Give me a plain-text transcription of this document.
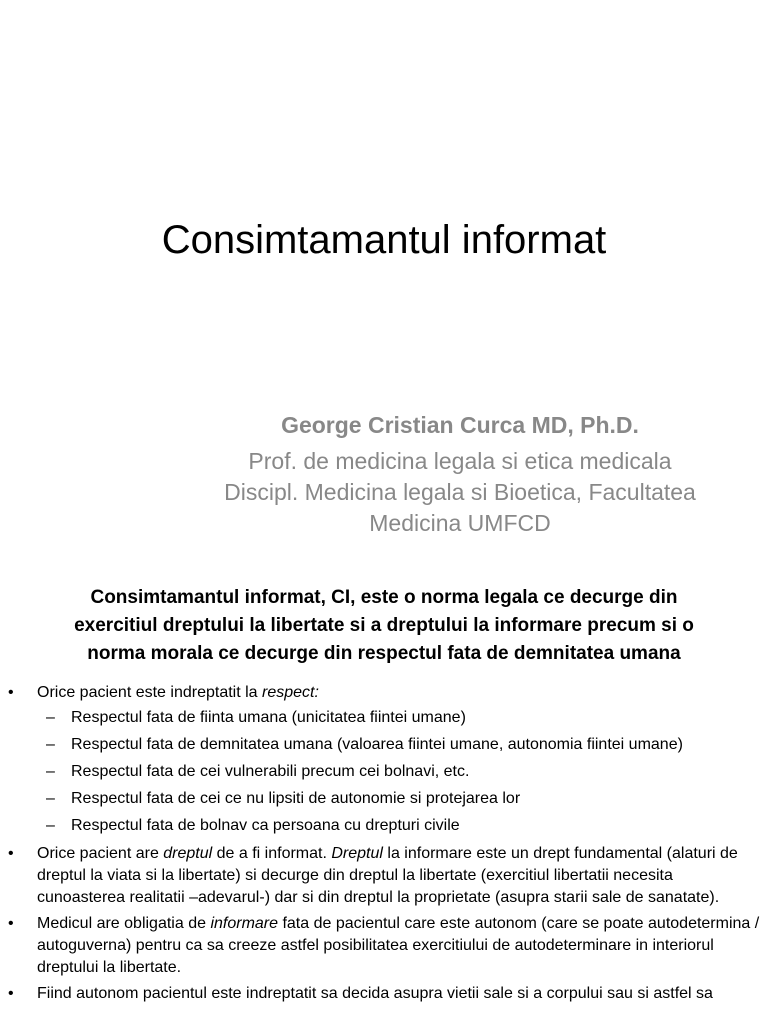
Consimtamantul informat
George Cristian Curca MD, Ph.D.
Prof. de medicina legala si etica medicala
Discipl. Medicina legala si Bioetica, Facultatea
Medicina UMFCD
Consimtamantul informat, CI, este o norma legala ce decurge din
exercitiul dreptului la libertate si a dreptului la informare precum si o
norma morala ce decurge din respectul fata de demnitatea umana
• Orice pacient este indreptatit la respect:
– Respectul fata de fiinta umana (unicitatea fiintei umane)
– Respectul fata de demnitatea umana (valoarea fiintei umane, autonomia fiintei umane)
– Respectul fata de cei vulnerabili precum cei bolnavi, etc.
– Respectul fata de cei ce nu lipsiti de autonomie si protejarea lor
– Respectul fata de bolnav ca persoana cu drepturi civile
• Orice pacient are dreptul de a fi informat. Dreptul la informare este un drept fundamental (alaturi de dreptul la viata si la libertate) si decurge din dreptul la libertate (exercitiul libertatii necesita cunoasterea realitatii –adevarul-) dar si din dreptul la proprietate (asupra starii sale de sanatate).
• Medicul are obligatia de informare fata de pacientul care este autonom (care se poate autodetermina / autoguverna) pentru ca sa creeze astfel posibilitatea exercitiului de autodeterminare in interiorul dreptului la libertate.
• Fiind autonom pacientul este indreptatit sa decida asupra vietii sale si a corpului sau si astfel sa
